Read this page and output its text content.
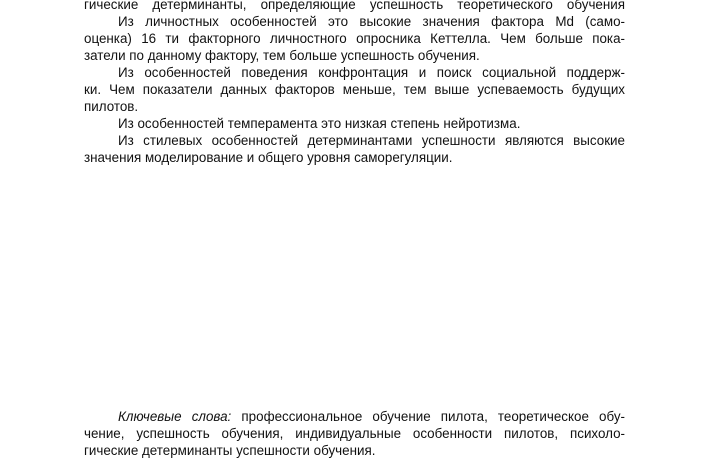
гические детерминанты, определяющие успешность теоретического обучения
Из личностных особенностей это высокие значения фактора Md (само-
оценка) 16 ти факторного личностного опросника Кеттелла. Чем больше пока-
затели по данному фактору, тем больше успешность обучения.
Из особенностей поведения конфронтация и поиск социальной поддерж-
ки. Чем показатели данных факторов меньше, тем выше успеваемость будущих
пилотов.
Из особенностей темперамента это низкая степень нейротизма.
Из стилевых особенностей детерминантами успешности являются высокие
значения моделирование и общего уровня саморегуляции.
Ключевые слова: профессиональное обучение пилота, теоретическое обу-
чение, успешность обучения, индивидуальные особенности пилотов, психоло-
гические детерминанты успешности обучения.
